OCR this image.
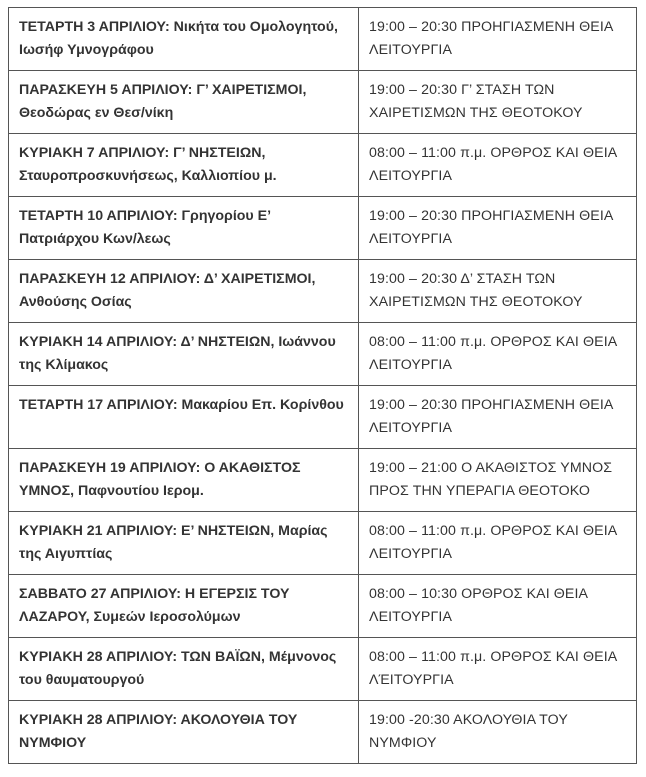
ΤΕΤΑΡΤΗ 3 ΑΠΡΙΛΙΟΥ: Νικήτα του Ομολογητού, Ιωσήφ Υμνογράφου	19:00 – 20:30 ΠΡΟΗΓΙΑΣΜΕΝΗ ΘΕΙΑ ΛΕΙΤΟΥΡΓΙΑ
ΠΑΡΑΣΚΕΥΗ 5 ΑΠΡΙΛΙΟΥ: Γ’ ΧΑΙΡΕΤΙΣΜΟΙ, Θεοδώρας εν Θεσ/νίκη	19:00 – 20:30 Γ’ ΣΤΑΣΗ ΤΩΝ ΧΑΙΡΕΤΙΣΜΩΝ ΤΗΣ ΘΕΟΤΟΚΟΥ
ΚΥΡΙΑΚΗ 7 ΑΠΡΙΛΙΟΥ: Γ’ ΝΗΣΤΕΙΩΝ, Σταυροπροσκυνήσεως, Καλλιοπίου μ.	08:00 – 11:00 π.μ. ΟΡΘΡΟΣ ΚΑΙ ΘΕΙΑ ΛΕΙΤΟΥΡΓΙΑ
ΤΕΤΑΡΤΗ 10 ΑΠΡΙΛΙΟΥ: Γρηγορίου Ε’ Πατριάρχου Κων/λεως	19:00 – 20:30 ΠΡΟΗΓΙΑΣΜΕΝΗ ΘΕΙΑ ΛΕΙΤΟΥΡΓΙΑ
ΠΑΡΑΣΚΕΥΗ 12 ΑΠΡΙΛΙΟΥ: Δ’ ΧΑΙΡΕΤΙΣΜΟΙ, Ανθούσης Οσίας	19:00 – 20:30 Δ’ ΣΤΑΣΗ ΤΩΝ ΧΑΙΡΕΤΙΣΜΩΝ ΤΗΣ ΘΕΟΤΟΚΟΥ
ΚΥΡΙΑΚΗ 14 ΑΠΡΙΛΙΟΥ: Δ’ ΝΗΣΤΕΙΩΝ, Ιωάννου της Κλίμακος	08:00 – 11:00 π.μ. ΟΡΘΡΟΣ ΚΑΙ ΘΕΙΑ ΛΕΙΤΟΥΡΓΙΑ
ΤΕΤΑΡΤΗ 17 ΑΠΡΙΛΙΟΥ: Μακαρίου Επ. Κορίνθου	19:00 – 20:30 ΠΡΟΗΓΙΑΣΜΕΝΗ ΘΕΙΑ ΛΕΙΤΟΥΡΓΙΑ
ΠΑΡΑΣΚΕΥΗ 19 ΑΠΡΙΛΙΟΥ: Ο ΑΚΑΘΙΣΤΟΣ ΥΜΝΟΣ, Παφνουτίου Ιερομ.	19:00 – 21:00 Ο ΑΚΑΘΙΣΤΟΣ ΥΜΝΟΣ ΠΡΟΣ ΤΗΝ ΥΠΕΡΑΓΙΑ ΘΕΟΤΟΚΟ
ΚΥΡΙΑΚΗ 21 ΑΠΡΙΛΙΟΥ: Ε’ ΝΗΣΤΕΙΩΝ, Μαρίας της Αιγυπτίας	08:00 – 11:00 π.μ. ΟΡΘΡΟΣ ΚΑΙ ΘΕΙΑ ΛΕΙΤΟΥΡΓΙΑ
ΣΑΒΒΑΤΟ 27 ΑΠΡΙΛΙΟΥ: Η ΕΓΕΡΣΙΣ ΤΟΥ ΛΑΖΑΡΟΥ, Συμεών Ιεροσολύμων	08:00 – 10:30 ΟΡΘΡΟΣ ΚΑΙ ΘΕΙΑ ΛΕΙΤΟΥΡΓΙΑ
ΚΥΡΙΑΚΗ 28 ΑΠΡΙΛΙΟΥ: ΤΩΝ ΒΑΪΩΝ, Μέμνονος του θαυματουργού	08:00 – 11:00 π.μ. ΟΡΘΡΟΣ ΚΑΙ ΘΕΙΑ ΛΈΙΤΟΥΡΓΙΑ
ΚΥΡΙΑΚΗ 28 ΑΠΡΙΛΙΟΥ: ΑΚΟΛΟΥΘΙΑ ΤΟΥ ΝΥΜΦΙΟΥ	19:00 -20:30 ΑΚΟΛΟΥΘΙΑ ΤΟΥ ΝΥΜΦΙΟΥ
